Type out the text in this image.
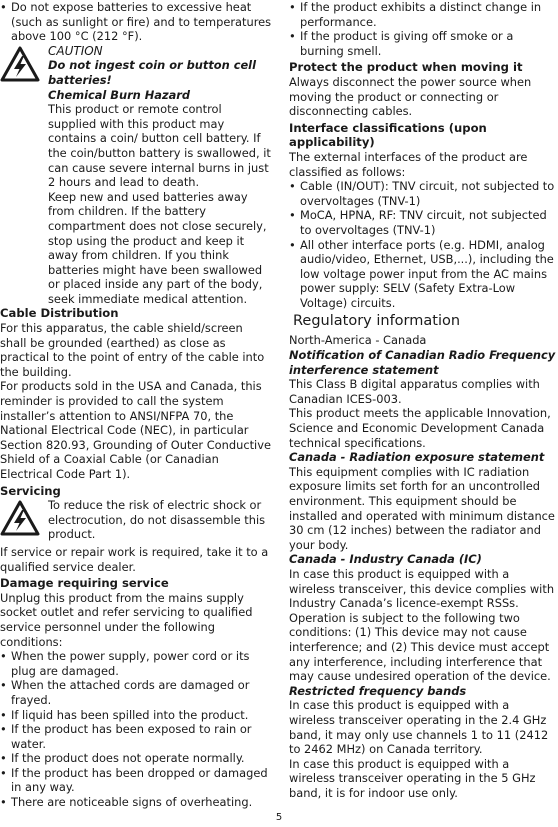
• Do not expose batteries to excessive heat (such as sunlight or fire) and to temperatures above 100 °C (212 °F).

CAUTION

Do not ingest coin or button cell batteries!

Chemical Burn Hazard

This product or remote control supplied with this product may contains a coin/ button cell battery. If the coin/button battery is swallowed, it can cause severe internal burns in just 2 hours and lead to death.

Keep new and used batteries away from children. If the battery compartment does not close securely, stop using the product and keep it away from children. If you think batteries might have been swallowed or placed inside any part of the body, seek immediate medical attention.

Cable Distribution

For this apparatus, the cable shield/screen shall be grounded (earthed) as close as practical to the point of entry of the cable into the building.

For products sold in the USA and Canada, this reminder is provided to call the system installer’s attention to ANSI/NFPA 70, the National Electrical Code (NEC), in particular Section 820.93, Grounding of Outer Conductive Shield of a Coaxial Cable (or Canadian Electrical Code Part 1).

Servicing

To reduce the risk of electric shock or electrocution, do not disassemble this product.

If service or repair work is required, take it to a qualified service dealer.

Damage requiring service

Unplug this product from the mains supply socket outlet and refer servicing to qualified service personnel under the following conditions:

• When the power supply, power cord or its plug are damaged.

• When the attached cords are damaged or frayed.

• If liquid has been spilled into the product.

• If the product has been exposed to rain or water.

• If the product does not operate normally.

• If the product has been dropped or damaged in any way.

• There are noticeable signs of overheating.

• If the product exhibits a distinct change in performance.

• If the product is giving off smoke or a burning smell.

Protect the product when moving it

Always disconnect the power source when moving the product or connecting or disconnecting cables.

Interface classifications (upon applicability)

The external interfaces of the product are classified as follows:

• Cable (IN/OUT): TNV circuit, not subjected to overvoltages (TNV-1)

• MoCA, HPNA, RF: TNV circuit, not subjected to overvoltages (TNV-1)

• All other interface ports (e.g. HDMI, analog audio/video, Ethernet, USB,...), including the low voltage power input from the AC mains power supply: SELV (Safety Extra-Low Voltage) circuits.

Regulatory information

North-America - Canada

Notification of Canadian Radio Frequency interference statement

This Class B digital apparatus complies with Canadian ICES-003.

This product meets the applicable Innovation, Science and Economic Development Canada technical specifications.

Canada - Radiation exposure statement

This equipment complies with IC radiation exposure limits set forth for an uncontrolled environment. This equipment should be installed and operated with minimum distance 30 cm (12 inches) between the radiator and your body.

Canada - Industry Canada (IC)

In case this product is equipped with a wireless transceiver, this device complies with Industry Canada’s licence-exempt RSSs. Operation is subject to the following two conditions: (1) This device may not cause interference; and (2) This device must accept any interference, including interference that may cause undesired operation of the device.

Restricted frequency bands

In case this product is equipped with a wireless transceiver operating in the 2.4 GHz band, it may only use channels 1 to 11 (2412 to 2462 MHz) on Canada territory.

In case this product is equipped with a wireless transceiver operating in the 5 GHz band, it is for indoor use only.

5
